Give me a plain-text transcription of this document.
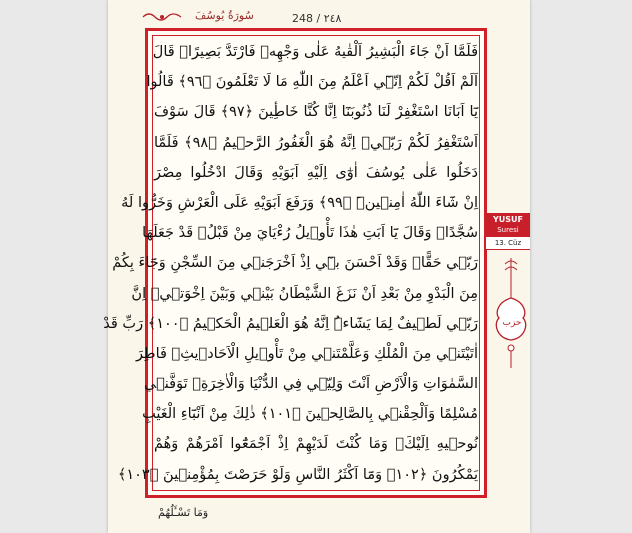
سُورَةُ يُوسُفَ	248 / ٢٤٨
فَلَمَّا اَنْ جَاءَ الْبَشِيرُ اَلْقٰيهُ عَلٰى وَجْهِه۪ فَارْتَدَّ بَصِيرًاۚ قَالَ
اَلَمْ اَقُلْ لَكُمْ اِنّ۪ٓي اَعْلَمُ مِنَ اللّٰهِ مَا لَا تَعْلَمُونَ ﴿٩٦﴾ قَالُوا
يَٓا اَبَانَا اسْتَغْفِرْ لَنَا ذُنُوبَنَٓا اِنَّا كُنَّا خَاطِٔينَ ﴿٩٧﴾ قَالَ سَوْفَ
اَسْتَغْفِرُ لَكُمْ رَبّ۪يۜ اِنَّهُ هُوَ الْغَفُورُ الرَّح۪يمُ ﴿٩٨﴾ فَلَمَّا
دَخَلُوا عَلٰى يُوسُفَ اٰوٰٓى اِلَيْهِ اَبَوَيْهِ وَقَالَ ادْخُلُوا مِصْرَ
اِنْ شَٓاءَ اللّٰهُ اٰمِن۪ينَۜ ﴿٩٩﴾ وَرَفَعَ اَبَوَيْهِ عَلَى الْعَرْشِ وَخَرُّوا لَهُ
سُجَّدًاۚ وَقَالَ يَٓا اَبَتِ هٰذَا تَأْو۪يلُ رُءْيَايَ مِنْ قَبْلُۘ قَدْ جَعَلَهَا
رَبّ۪ي حَقًّاۜ وَقَدْ اَحْسَنَ ب۪ٓي اِذْ اَخْرَجَن۪ي مِنَ السِّجْنِ وَجَٓاءَ بِكُمْ
مِنَ الْبَدْوِ مِنْ بَعْدِ اَنْ نَزَغَ الشَّيْطَانُ بَيْن۪ي وَبَيْنَ اِخْوَت۪يۜ اِنَّ
رَبّ۪ي لَط۪يفٌ لِمَا يَشَٓاءُۜ اِنَّهُ هُوَ الْعَل۪يمُ الْحَك۪يمُ ﴿١٠٠﴾ رَبِّ قَدْ
اٰتَيْتَن۪ي مِنَ الْمُلْكِ وَعَلَّمْتَن۪ي مِنْ تَأْو۪يلِ الْاَحَاد۪يثِۚ فَاطِرَ
السَّمٰوَاتِ وَالْاَرْضِ اَنْتَ وَلِيّ۪ي فِي الدُّنْيَا وَالْاٰخِرَةِۚ تَوَفَّن۪ي
مُسْلِمًا وَاَلْحِقْن۪ي بِالصَّالِح۪ينَ ﴿١٠١﴾ ذٰلِكَ مِنْ اَنْبَٓاءِ الْغَيْبِ
نُوح۪يهِ اِلَيْكَۚ وَمَا كُنْتَ لَدَيْهِمْ اِذْ اَجْمَعُٓوا اَمْرَهُمْ وَهُمْ
يَمْكُرُونَ ﴿١٠٢﴾ وَمَٓا اَكْثَرُ النَّاسِ وَلَوْ حَرَصْتَ بِمُؤْمِن۪ينَ ﴿١٠٣﴾
وَمَا تَسْـَٔلُهُمْ
YUSUF
Suresi
13. Cüz
حزب
